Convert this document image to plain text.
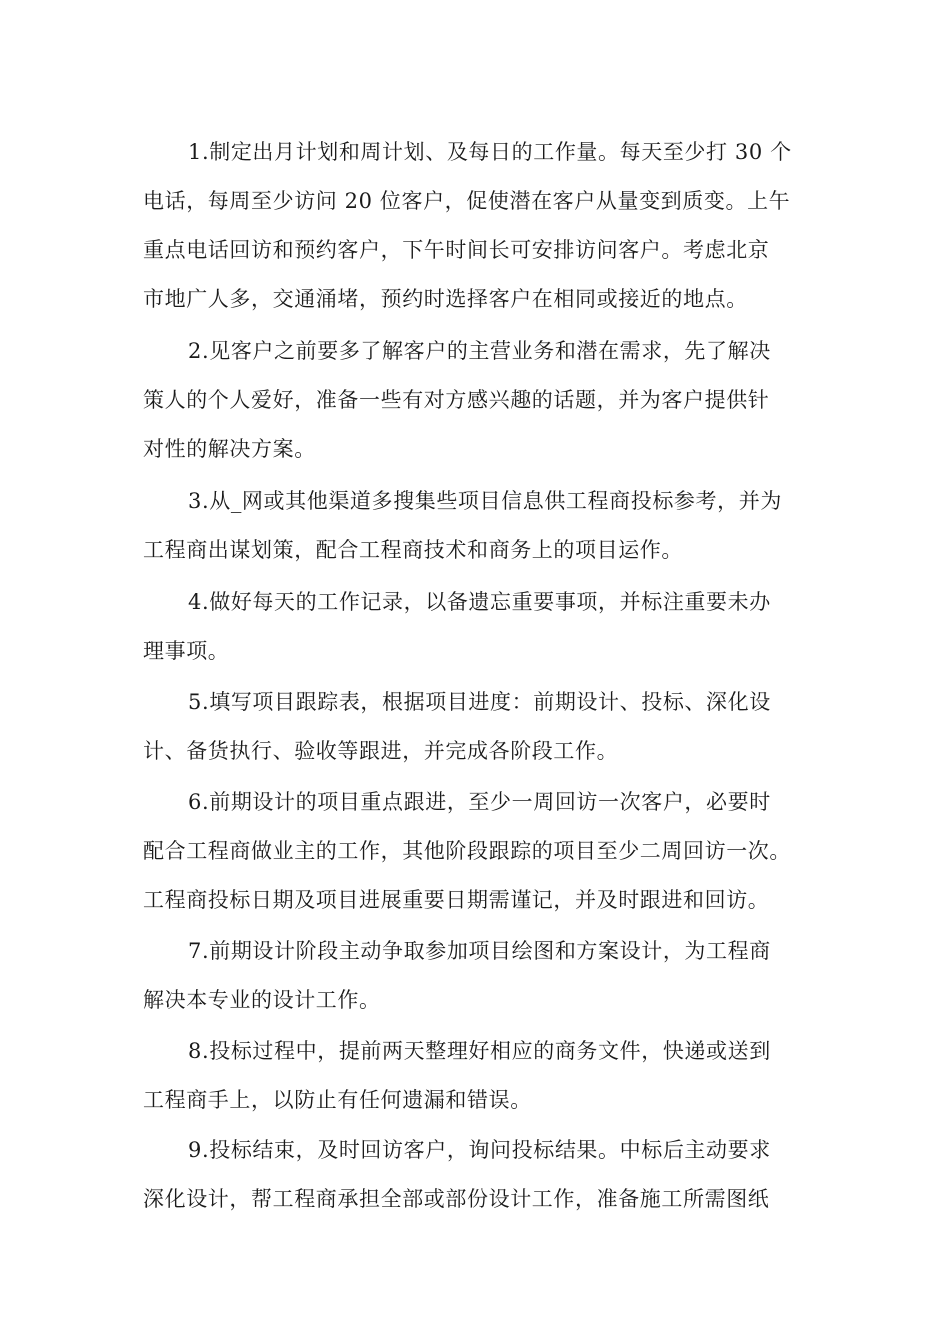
1.制定出月计划和周计划、及每日的工作量。每天至少打 30 个
电话，每周至少访问 20 位客户，促使潜在客户从量变到质变。上午
重点电话回访和预约客户，下午时间长可安排访问客户。考虑北京
市地广人多，交通涌堵，预约时选择客户在相同或接近的地点。
2.见客户之前要多了解客户的主营业务和潜在需求，先了解决
策人的个人爱好，准备一些有对方感兴趣的话题，并为客户提供针
对性的解决方案。
3.从_网或其他渠道多搜集些项目信息供工程商投标参考，并为
工程商出谋划策，配合工程商技术和商务上的项目运作。
4.做好每天的工作记录，以备遗忘重要事项，并标注重要未办
理事项。
5.填写项目跟踪表，根据项目进度：前期设计、投标、深化设
计、备货执行、验收等跟进，并完成各阶段工作。
6.前期设计的项目重点跟进，至少一周回访一次客户，必要时
配合工程商做业主的工作，其他阶段跟踪的项目至少二周回访一次。
工程商投标日期及项目进展重要日期需谨记，并及时跟进和回访。
7.前期设计阶段主动争取参加项目绘图和方案设计，为工程商
解决本专业的设计工作。
8.投标过程中，提前两天整理好相应的商务文件，快递或送到
工程商手上，以防止有任何遗漏和错误。
9.投标结束，及时回访客户，询问投标结果。中标后主动要求
深化设计，帮工程商承担全部或部份设计工作，准备施工所需图纸
